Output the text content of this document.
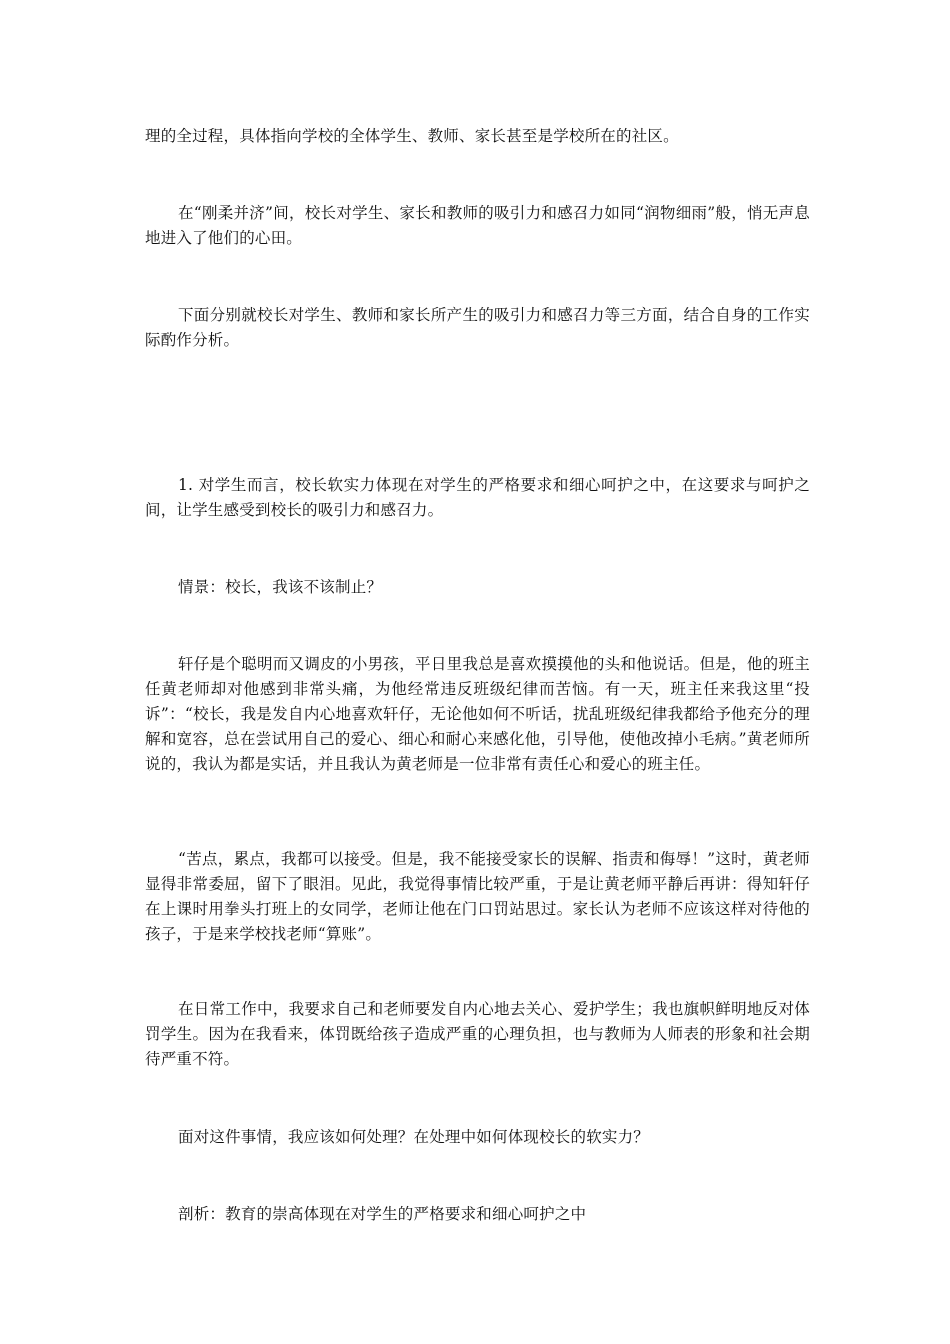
理的全过程，具体指向学校的全体学生、教师、家长甚至是学校所在的社区。

在“刚柔并济”间，校长对学生、家长和教师的吸引力和感召力如同“润物细雨”般，悄无声息地进入了他们的心田。

下面分别就校长对学生、教师和家长所产生的吸引力和感召力等三方面，结合自身的工作实际酌作分析。

1. 对学生而言，校长软实力体现在对学生的严格要求和细心呵护之中，在这要求与呵护之间，让学生感受到校长的吸引力和感召力。

情景：校长，我该不该制止？

轩仔是个聪明而又调皮的小男孩，平日里我总是喜欢摸摸他的头和他说话。但是，他的班主任黄老师却对他感到非常头痛，为他经常违反班级纪律而苦恼。有一天，班主任来我这里“投诉”：“校长，我是发自内心地喜欢轩仔，无论他如何不听话，扰乱班级纪律我都给予他充分的理解和宽容，总在尝试用自己的爱心、细心和耐心来感化他，引导他，使他改掉小毛病。”黄老师所说的，我认为都是实话，并且我认为黄老师是一位非常有责任心和爱心的班主任。

“苦点，累点，我都可以接受。但是，我不能接受家长的误解、指责和侮辱！”这时，黄老师显得非常委屈，留下了眼泪。见此，我觉得事情比较严重，于是让黄老师平静后再讲：得知轩仔在上课时用拳头打班上的女同学，老师让他在门口罚站思过。家长认为老师不应该这样对待他的孩子，于是来学校找老师“算账”。

在日常工作中，我要求自己和老师要发自内心地去关心、爱护学生；我也旗帜鲜明地反对体罚学生。因为在我看来，体罚既给孩子造成严重的心理负担，也与教师为人师表的形象和社会期待严重不符。

面对这件事情，我应该如何处理？在处理中如何体现校长的软实力？

剖析：教育的崇高体现在对学生的严格要求和细心呵护之中
